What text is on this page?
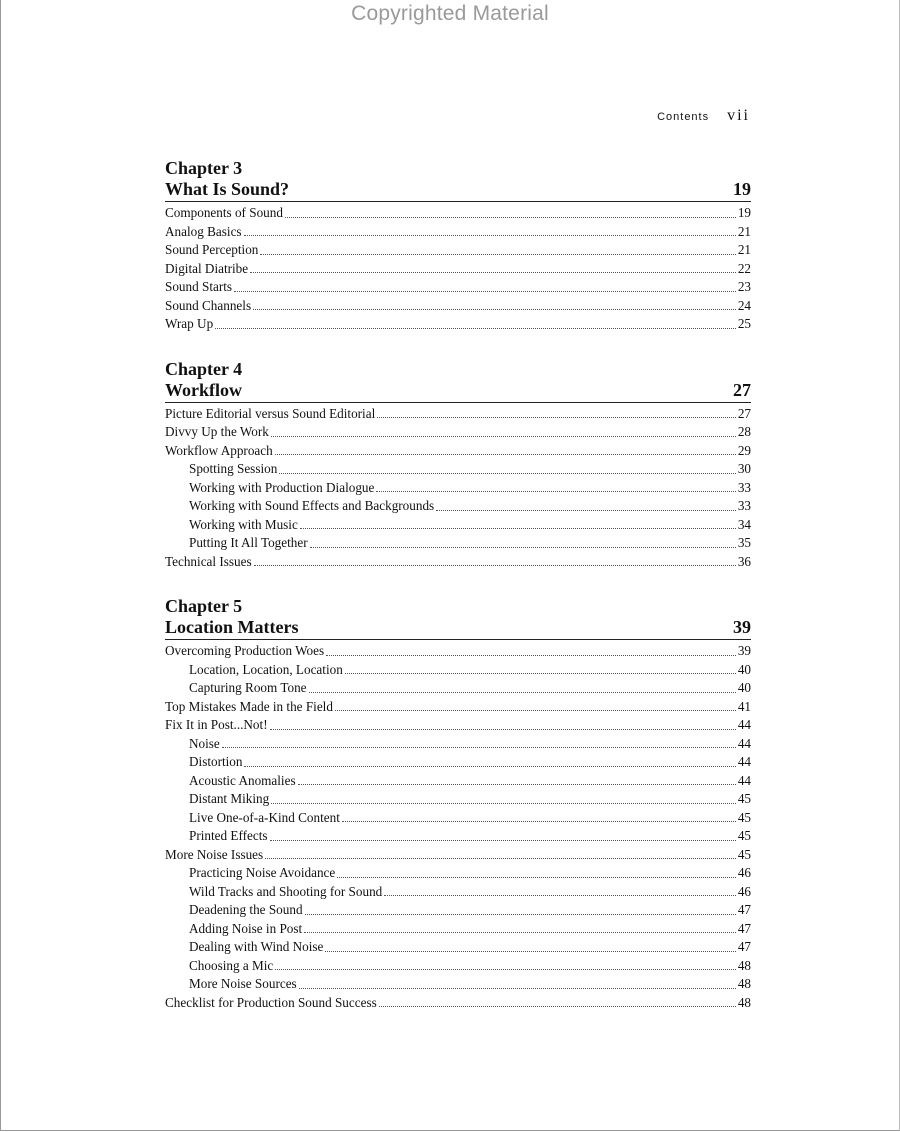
Copyrighted Material
Contents vii
Chapter 3
What Is Sound?	19
Components of Sound	19
Analog Basics	21
Sound Perception	21
Digital Diatribe	22
Sound Starts	23
Sound Channels	24
Wrap Up	25
Chapter 4
Workflow	27
Picture Editorial versus Sound Editorial	27
Divvy Up the Work	28
Workflow Approach	29
Spotting Session	30
Working with Production Dialogue	33
Working with Sound Effects and Backgrounds	33
Working with Music	34
Putting It All Together	35
Technical Issues	36
Chapter 5
Location Matters	39
Overcoming Production Woes	39
Location, Location, Location	40
Capturing Room Tone	40
Top Mistakes Made in the Field	41
Fix It in Post...Not!	44
Noise	44
Distortion	44
Acoustic Anomalies	44
Distant Miking	45
Live One-of-a-Kind Content	45
Printed Effects	45
More Noise Issues	45
Practicing Noise Avoidance	46
Wild Tracks and Shooting for Sound	46
Deadening the Sound	47
Adding Noise in Post	47
Dealing with Wind Noise	47
Choosing a Mic	48
More Noise Sources	48
Checklist for Production Sound Success	48
